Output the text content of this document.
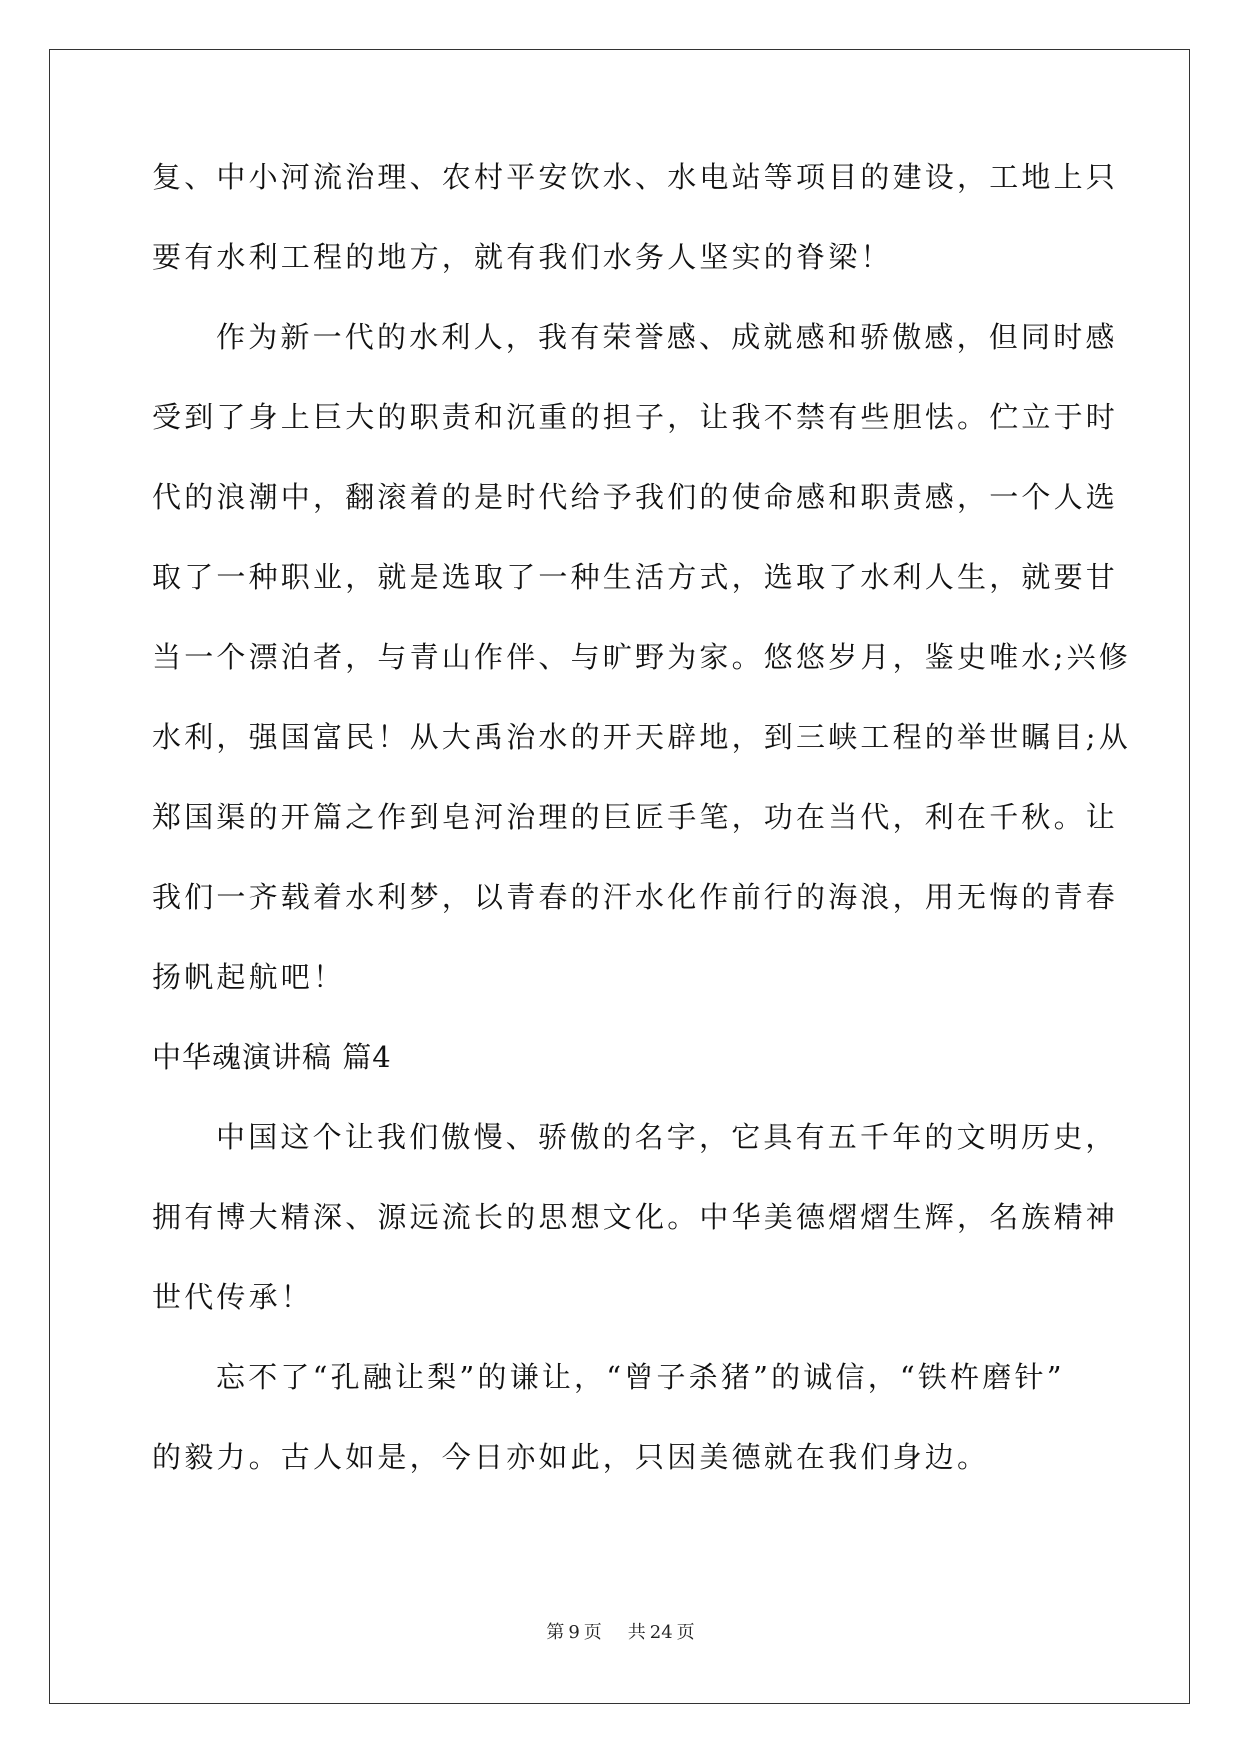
复、中小河流治理、农村平安饮水、水电站等项目的建设，工地上只
要有水利工程的地方，就有我们水务人坚实的脊梁！
作为新一代的水利人，我有荣誉感、成就感和骄傲感，但同时感
受到了身上巨大的职责和沉重的担子，让我不禁有些胆怯。伫立于时
代的浪潮中，翻滚着的是时代给予我们的使命感和职责感，一个人选
取了一种职业，就是选取了一种生活方式，选取了水利人生，就要甘
当一个漂泊者，与青山作伴、与旷野为家。悠悠岁月，鉴史唯水;兴修
水利，强国富民！从大禹治水的开天辟地，到三峡工程的举世瞩目;从
郑国渠的开篇之作到皂河治理的巨匠手笔，功在当代，利在千秋。让
我们一齐载着水利梦，以青春的汗水化作前行的海浪，用无悔的青春
扬帆起航吧！
中华魂演讲稿 篇4
中国这个让我们傲慢、骄傲的名字，它具有五千年的文明历史，
拥有博大精深、源远流长的思想文化。中华美德熠熠生辉，名族精神
世代传承！
忘不了“孔融让梨”的谦让，“曾子杀猪”的诚信，“铁杵磨针”
的毅力。古人如是，今日亦如此，只因美德就在我们身边。
第 9 页 共 24 页
